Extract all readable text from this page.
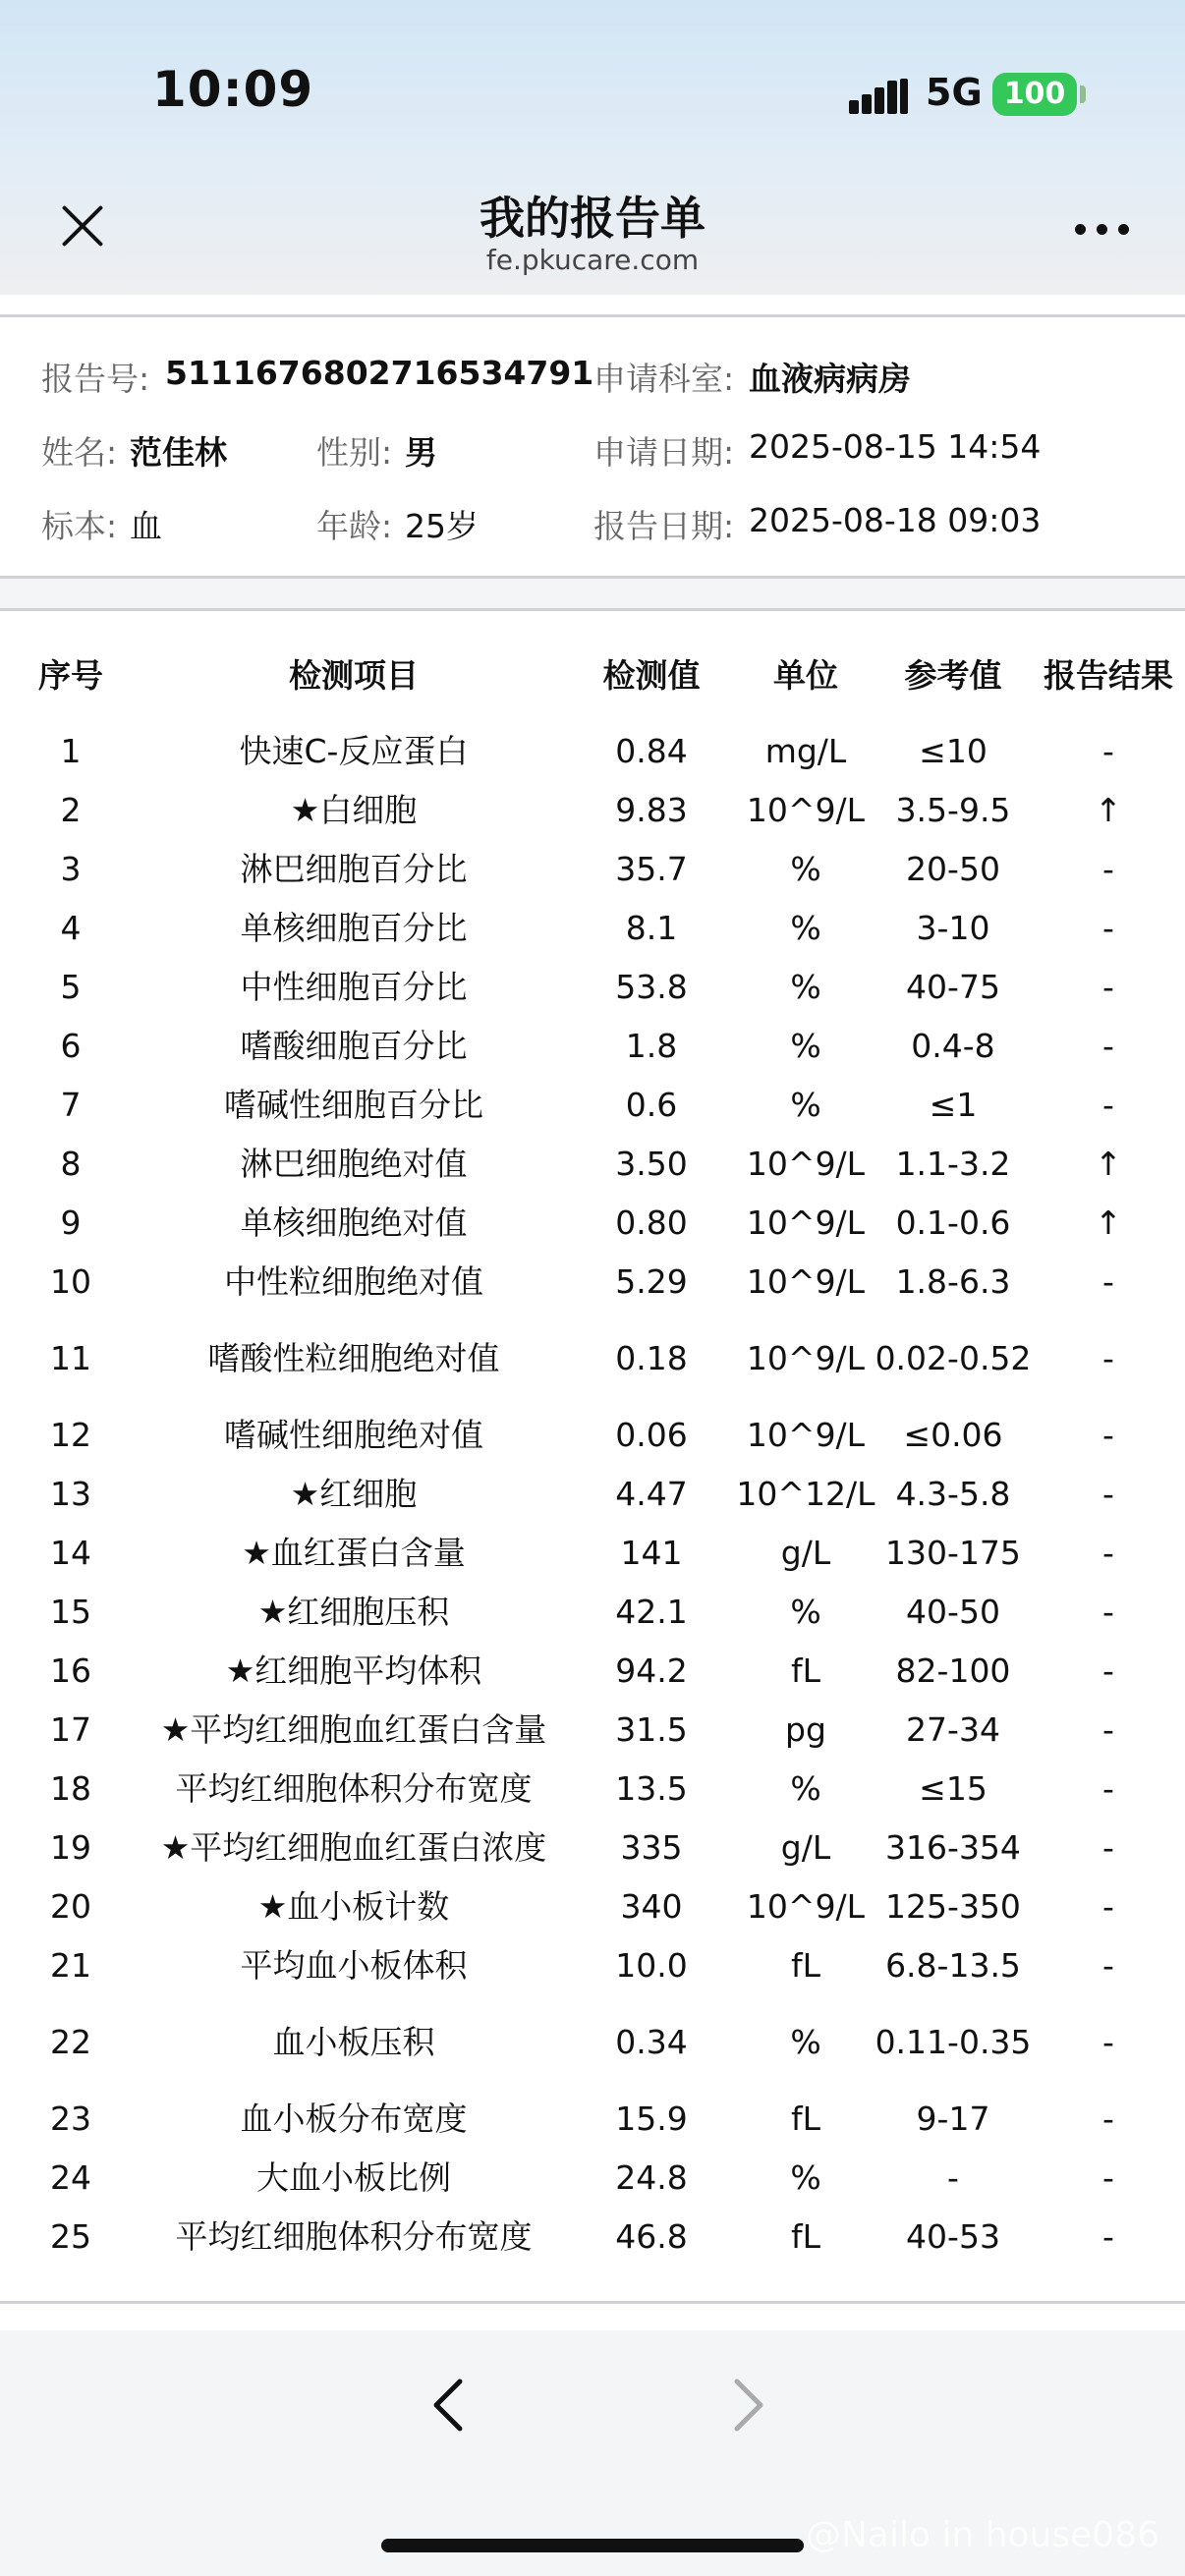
10:09	5G 100
我的报告单
fe.pkucare.com
报告号: 5111676802716534791 申请科室: 血液病病房
姓名: 范佳林	性别: 男	申请日期: 2025-08-15 14:54
标本: 血	年龄: 25岁	报告日期: 2025-08-18 09:03
序号	检测项目	检测值	单位	参考值	报告结果
1	快速C-反应蛋白	0.84	mg/L	≤10	-
2	★白细胞	9.83	10^9/L 3.5-9.5	↑
3	淋巴细胞百分比	35.7	%	20-50	-
4	单核细胞百分比	8.1	%	3-10	-
5	中性细胞百分比	53.8	%	40-75	-
6	嗜酸细胞百分比	1.8	%	0.4-8	-
7	嗜碱性细胞百分比	0.6	%	≤1	-
8	淋巴细胞绝对值	3.50	10^9/L 1.1-3.2	↑
9	单核细胞绝对值	0.80	10^9/L 0.1-0.6	↑
10	中性粒细胞绝对值	5.29	10^9/L 1.8-6.3	-
11	嗜酸性粒细胞绝对值	0.18	10^9/L 0.02-0.52	-
12	嗜碱性细胞绝对值	0.06	10^9/L	≤0.06	-
13	★红细胞	4.47	10^12/L 4.3-5.8	-
14	★血红蛋白含量	141	g/L	130-175	-
15	★红细胞压积	42.1	%	40-50	-
16	★红细胞平均体积	94.2	fL	82-100	-
17	★平均红细胞血红蛋白含量	31.5	pg	27-34	-
18	平均红细胞体积分布宽度	13.5	%	≤15	-
19	★平均红细胞血红蛋白浓度	335	g/L	316-354	-
20	★血小板计数	340	10^9/L 125-350	-
21	平均血小板体积	10.0	fL	6.8-13.5	-
22	血小板压积	0.34	%	0.11-0.35	-
23	血小板分布宽度	15.9	fL	9-17	-
24	大血小板比例	24.8	%	-	-
25	平均红细胞体积分布宽度	46.8	fL	40-53	-
@Nailo in house086
